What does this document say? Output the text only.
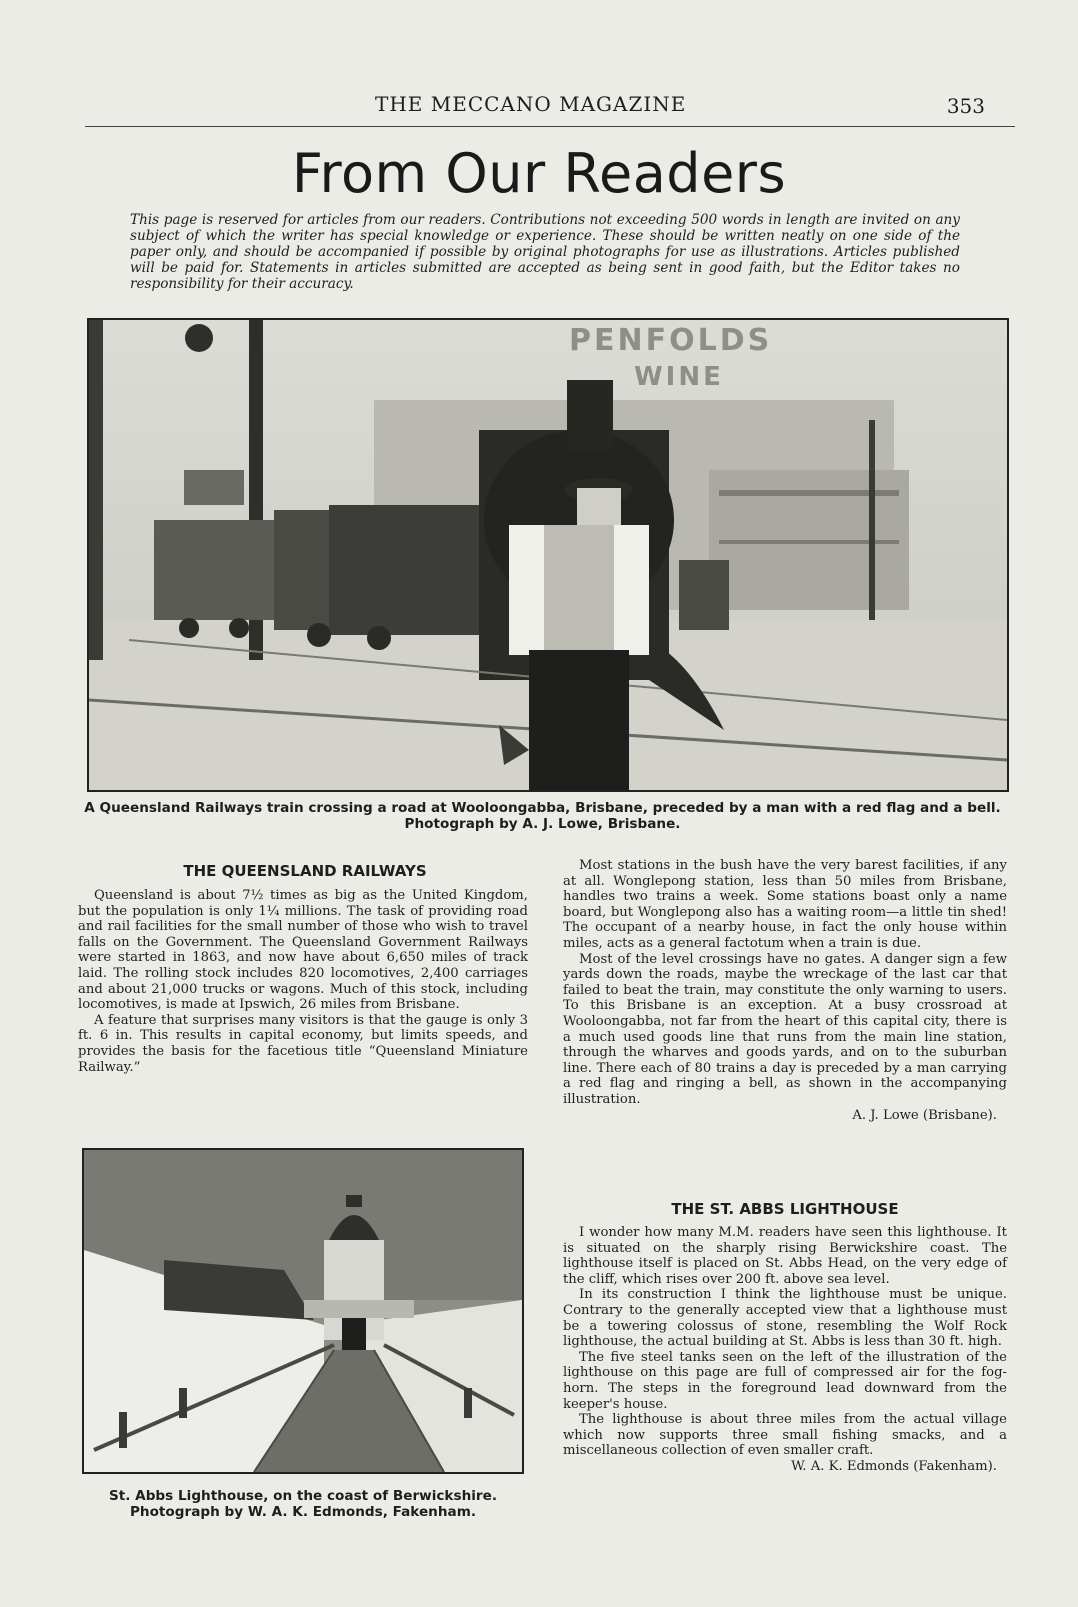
THE MECCANO MAGAZINE	353
From Our Readers
This page is reserved for articles from our readers. Contributions not exceeding 500 words in length are invited on any subject of which the writer has special knowledge or experience. These should be written neatly on one side of the paper only, and should be accompanied if possible by original photographs for use as illustrations. Articles published will be paid for. Statements in articles submitted are accepted as being sent in good faith, but the Editor takes no responsibility for their accuracy.
PENFOLDS
WINE
A Queensland Railways train crossing a road at Wooloongabba, Brisbane, preceded by a man with a red flag and a bell. Photograph by A. J. Lowe, Brisbane.
THE QUEENSLAND RAILWAYS

Queensland is about 7½ times as big as the United Kingdom, but the population is only 1¼ millions. The task of providing road and rail facilities for the small number of those who wish to travel falls on the Government. The Queensland Government Railways were started in 1863, and now have about 6,650 miles of track laid. The rolling stock includes 820 locomotives, 2,400 carriages and about 21,000 trucks or wagons. Much of this stock, including locomotives, is made at Ipswich, 26 miles from Brisbane.

A feature that surprises many visitors is that the gauge is only 3 ft. 6 in. This results in capital economy, but limits speeds, and provides the basis for the facetious title “Queensland Miniature Railway.”

St. Abbs Lighthouse, on the coast of Berwickshire. Photograph by W. A. K. Edmonds, Fakenham.

Most stations in the bush have the very barest facilities, if any at all. Wonglepong station, less than 50 miles from Brisbane, handles two trains a week. Some stations boast only a name board, but Wonglepong also has a waiting room—a little tin shed! The occupant of a nearby house, in fact the only house within miles, acts as a general factotum when a train is due.

Most of the level crossings have no gates. A danger sign a few yards down the roads, maybe the wreckage of the last car that failed to beat the train, may constitute the only warning to users. To this Brisbane is an exception. At a busy crossroad at Wooloongabba, not far from the heart of this capital city, there is a much used goods line that runs from the main line station, through the wharves and goods yards, and on to the suburban line. There each of 80 trains a day is preceded by a man carrying a red flag and ringing a bell, as shown in the accompanying illustration.

A. J. Lowe (Brisbane).

THE ST. ABBS LIGHTHOUSE

I wonder how many M.M. readers have seen this lighthouse. It is situated on the sharply rising Berwickshire coast. The lighthouse itself is placed on St. Abbs Head, on the very edge of the cliff, which rises over 200 ft. above sea level.

In its construction I think the lighthouse must be unique. Contrary to the generally accepted view that a lighthouse must be a towering colossus of stone, resembling the Wolf Rock lighthouse, the actual building at St. Abbs is less than 30 ft. high.

The five steel tanks seen on the left of the illustration of the lighthouse on this page are full of compressed air for the fog-horn. The steps in the foreground lead downward from the keeper's house.

The lighthouse is about three miles from the actual village which now supports three small fishing smacks, and a miscellaneous collection of even smaller craft.

W. A. K. Edmonds (Fakenham).
